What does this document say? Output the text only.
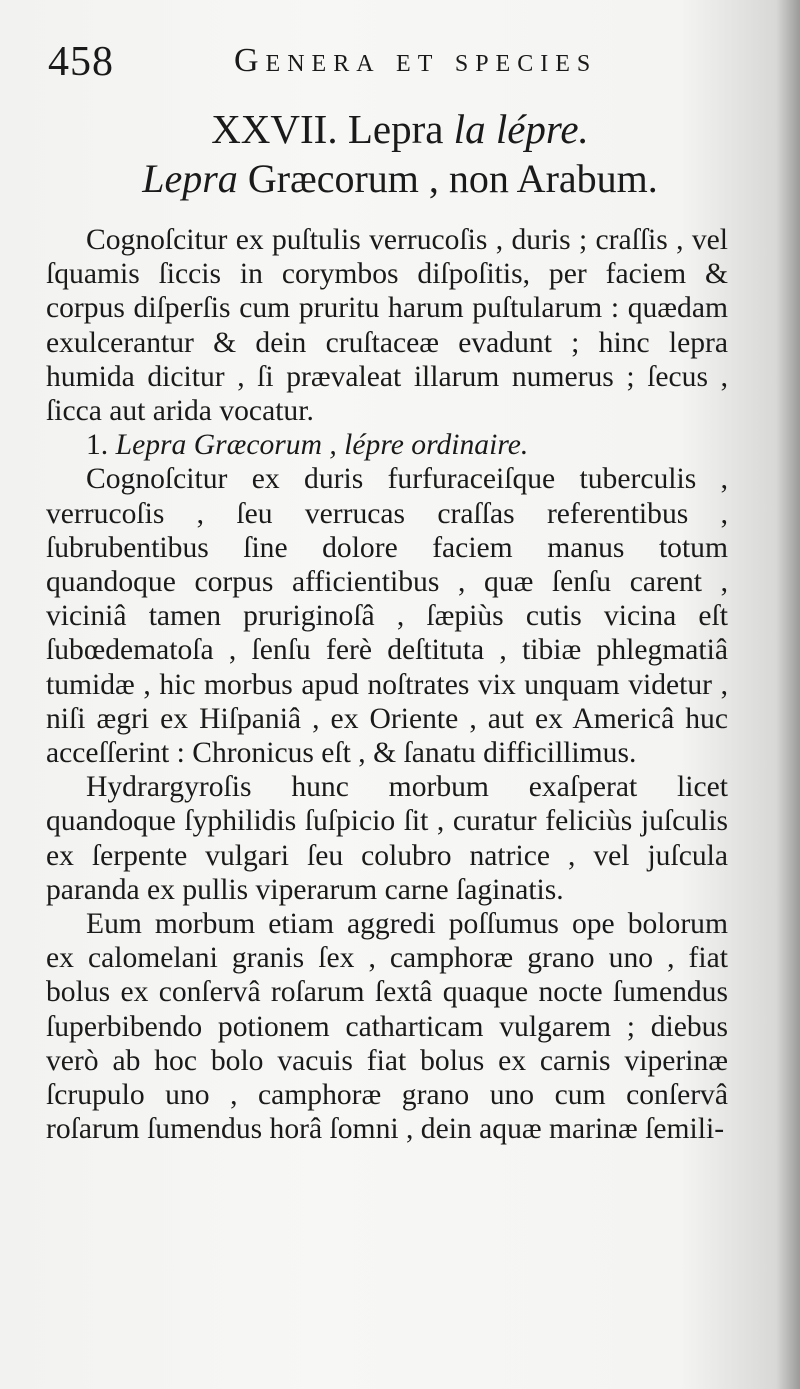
458	Genera et species
XXVII. Lepra la lépre.
Lepra Græcorum , non Arabum.

Cognoſcitur ex puſtulis verrucoſis , duris ; craſſis , vel ſquamis ſiccis in corymbos diſpoſitis, per faciem & corpus diſperſis cum pruritu harum puſtularum : quædam exulcerantur & dein cruſtaceæ evadunt ; hinc lepra humida dicitur , ſi prævaleat illarum numerus ; ſecus , ſicca aut arida vocatur.

1. Lepra Græcorum , lépre ordinaire.

Cognoſcitur ex duris furfuraceiſque tuberculis , verrucoſis , ſeu verrucas craſſas referentibus , ſubrubentibus ſine dolore faciem manus totum quandoque corpus afficientibus , quæ ſenſu carent , viciniâ tamen pruriginoſâ , ſæpiùs cutis vicina eſt ſubœdematoſa , ſenſu ferè deſtituta , tibiæ phlegmatiâ tumidæ , hic morbus apud noſtrates vix unquam videtur , niſi ægri ex Hiſpaniâ , ex Oriente , aut ex Americâ huc acceſſerint : Chronicus eſt , & ſanatu difficillimus.

Hydrargyroſis hunc morbum exaſperat licet quandoque ſyphilidis ſuſpicio ſit , curatur feliciùs juſculis ex ſerpente vulgari ſeu colubro natrice , vel juſcula paranda ex pullis viperarum carne ſaginatis.

Eum morbum etiam aggredi poſſumus ope bolorum ex calomelani granis ſex , camphoræ grano uno , fiat bolus ex conſervâ roſarum ſextâ quaque nocte ſumendus ſuperbibendo potionem catharticam vulgarem ; diebus verò ab hoc bolo vacuis fiat bolus ex carnis viperinæ ſcrupulo uno , camphoræ grano uno cum conſervâ roſarum ſumendus horâ ſomni , dein aquæ marinæ ſemili-
